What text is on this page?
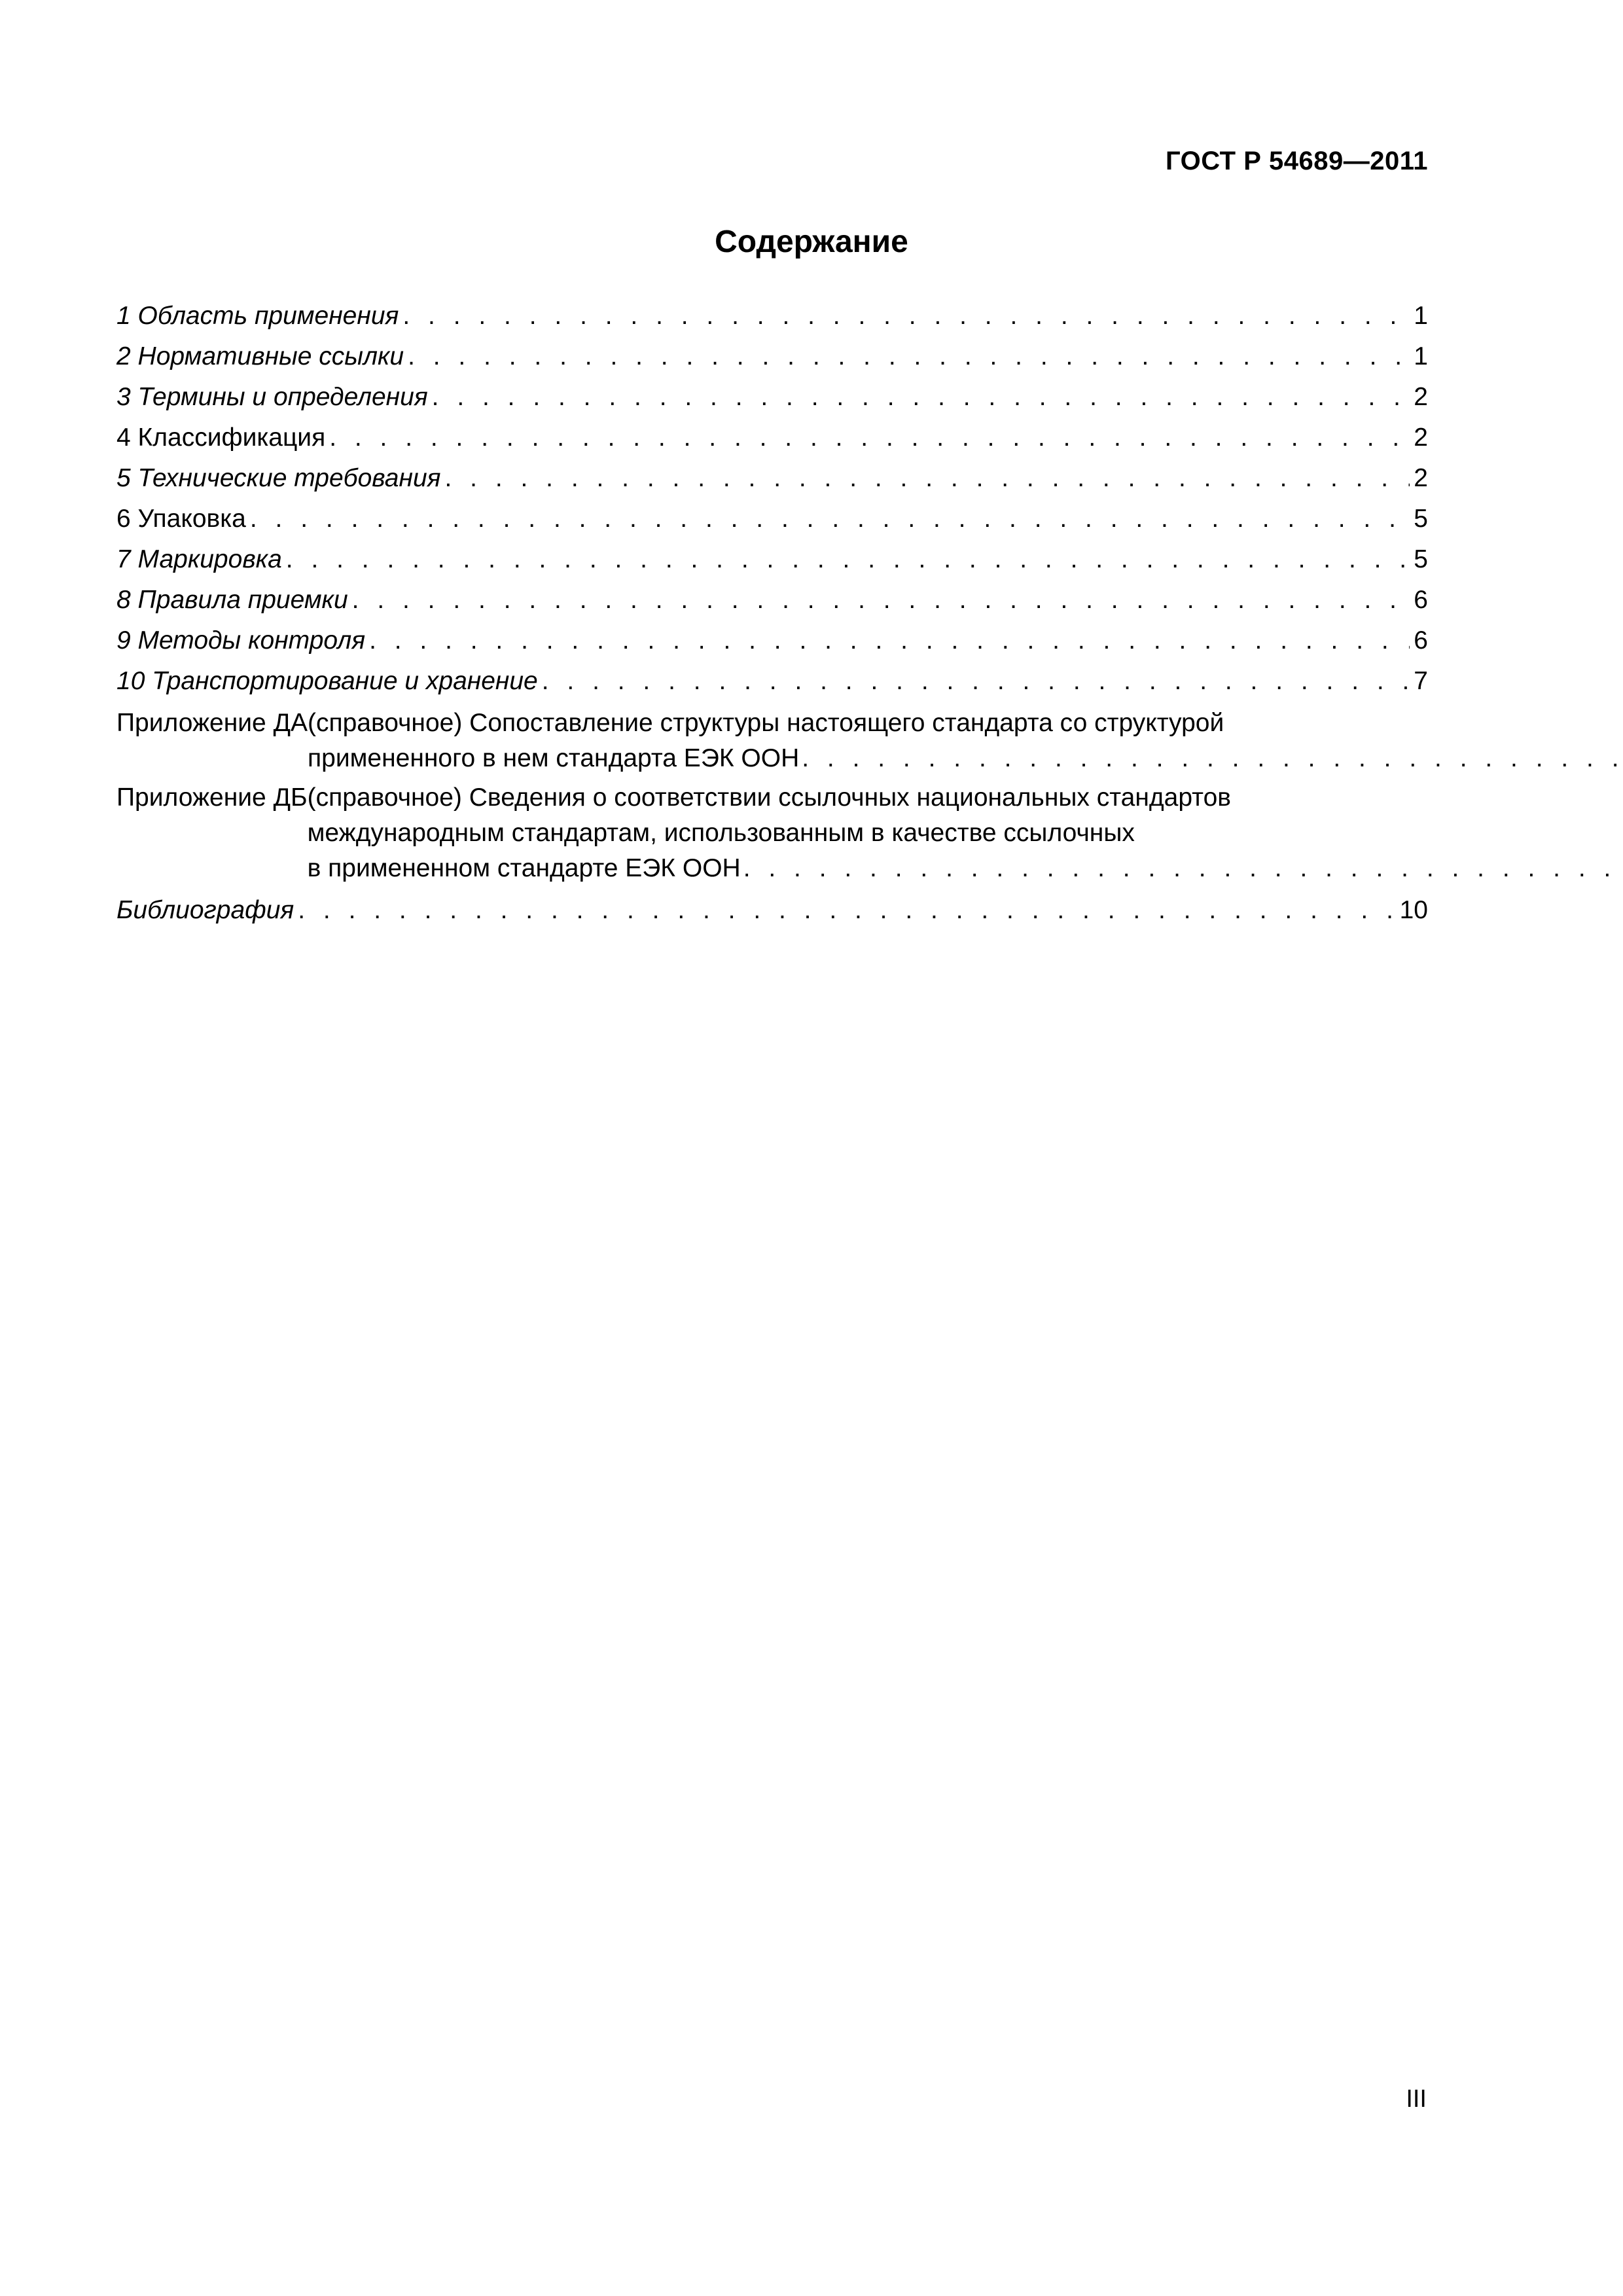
ГОСТ Р 54689—2011
Содержание
1 Область применения . . .	1
2 Нормативные ссылки . . .	1
3 Термины и определения . . .	2
4 Классификация . . .	2
5 Технические требования . . .	2
6 Упаковка . . .	5
7 Маркировка . . .	5
8 Правила приемки . . .	6
9 Методы контроля . . .	6
10 Транспортирование и хранение . . .	7
Приложение ДА (справочное) Сопоставление структуры настоящего стандарта со структурой
примененного в нем стандарта ЕЭК ООН
. . .
Приложение ДБ (справочное) Сведения о соответствии ссылочных национальных стандартов
международным стандартам, использованным в качестве ссылочных
в примененном стандарте ЕЭК ООН
. . .
Библиография . . .	10
III
